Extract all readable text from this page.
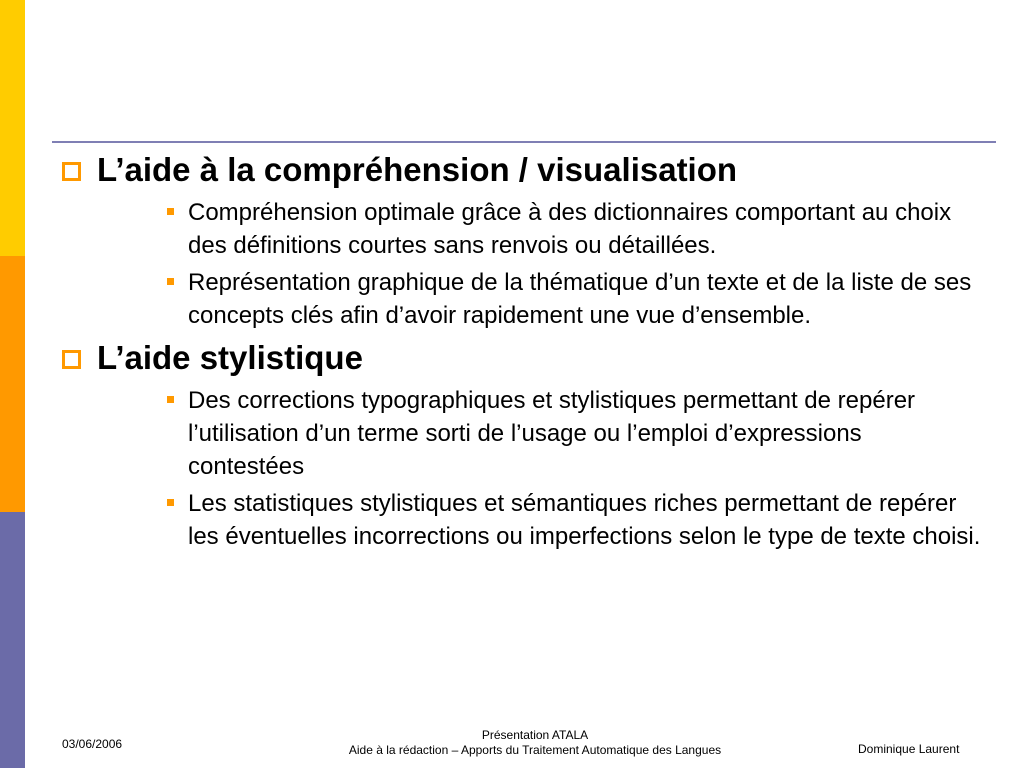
L’aide à la compréhension / visualisation
Compréhension optimale grâce à des dictionnaires comportant au choix des définitions courtes sans renvois ou détaillées.
Représentation graphique de la thématique d’un texte et de la liste de ses concepts clés afin d’avoir rapidement une vue d’ensemble.
L’aide stylistique
Des corrections typographiques et stylistiques permettant de repérer l’utilisation d’un terme sorti de l’usage ou l’emploi d’expressions contestées
Les statistiques stylistiques et sémantiques riches permettant de repérer les éventuelles incorrections ou imperfections selon le type de texte choisi.
03/06/2006
Présentation ATALA
Aide à la rédaction – Apports du Traitement Automatique des Langues	Dominique Laurent
